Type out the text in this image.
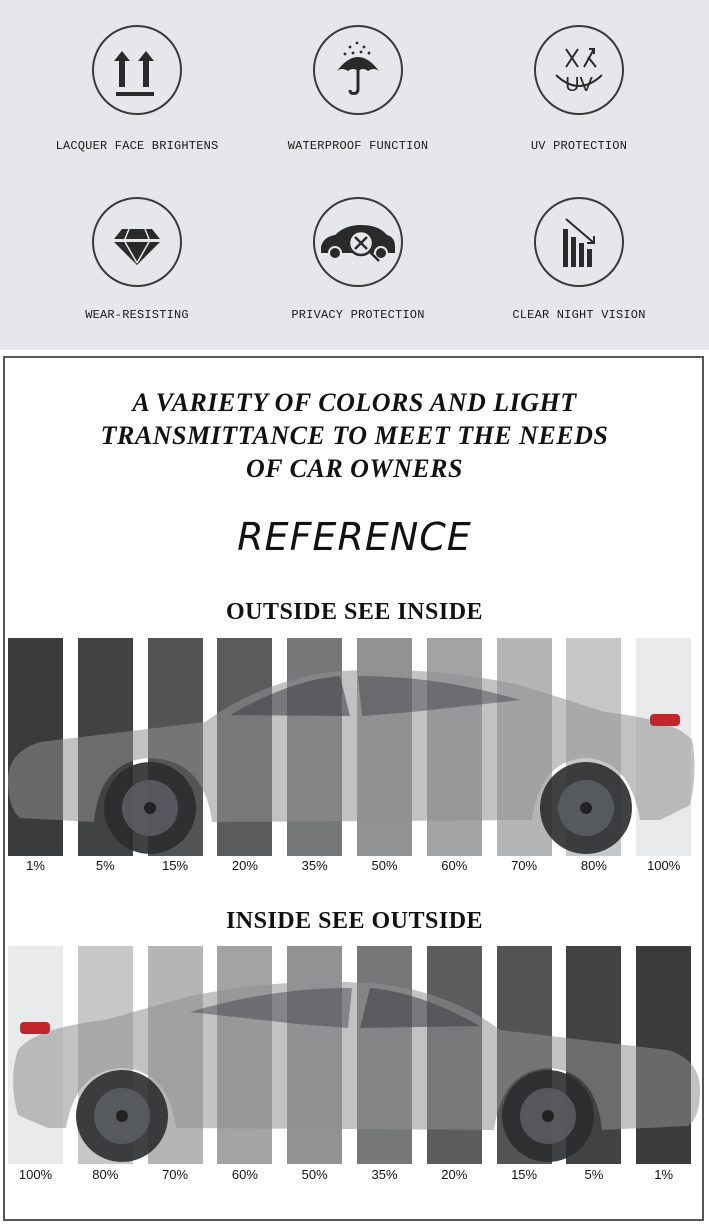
LACQUER FACE BRIGHTENS	WATERPROOF FUNCTION
UV
UV PROTECTION
WEAR-RESISTING	PRIVACY PROTECTION	CLEAR NIGHT VISION
A VARIETY OF COLORS AND LIGHT
TRANSMITTANCE TO MEET THE NEEDS
OF CAR OWNERS
REFERENCE
OUTSIDE SEE INSIDE
INSIDE SEE OUTSIDE
1%	5%	15%	20%	35%	50%	60%	70%	80%	100%
100%	80%	70%	60%	50%	35%	20%	15%	5%	1%
